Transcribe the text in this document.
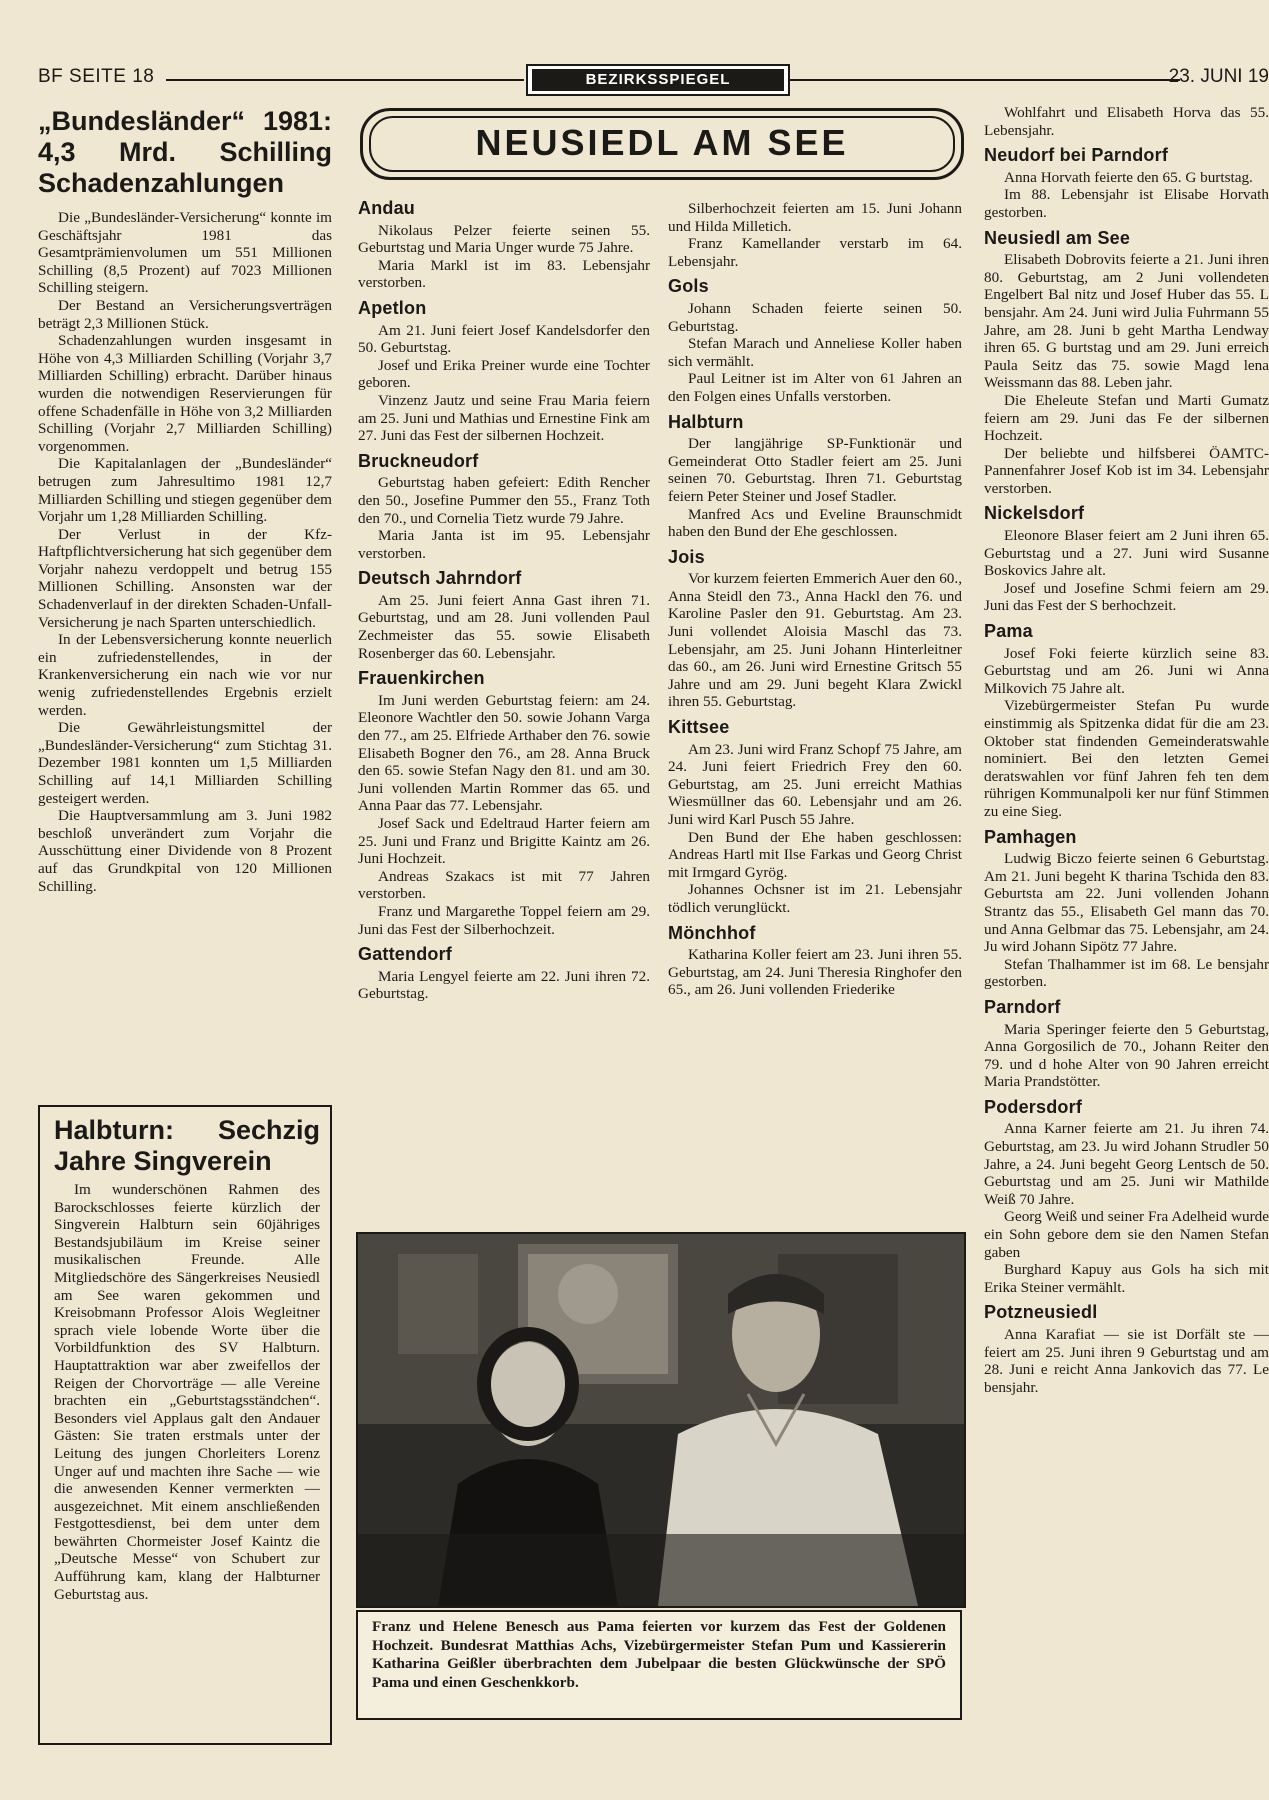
BF SEITE 18	BEZIRKSSPIEGEL	23. JUNI 19
„Bundesländer“ 1981: 4,3 Mrd. Schilling Schadenzahlungen

Die „Bundesländer-Versicherung“ konnte im Geschäftsjahr 1981 das Gesamtprämienvolumen um 551 Millionen Schilling (8,5 Prozent) auf 7023 Millionen Schilling steigern.

Der Bestand an Versicherungsverträgen beträgt 2,3 Millionen Stück.

Schadenzahlungen wurden insgesamt in Höhe von 4,3 Milliarden Schilling (Vorjahr 3,7 Milliarden Schilling) erbracht. Darüber hinaus wurden die notwendigen Reservierungen für offene Schadenfälle in Höhe von 3,2 Milliarden Schilling (Vorjahr 2,7 Milliarden Schilling) vorgenommen.

Die Kapitalanlagen der „Bundesländer“ betrugen zum Jahresultimo 1981 12,7 Milliarden Schilling und stiegen gegenüber dem Vorjahr um 1,28 Milliarden Schilling.

Der Verlust in der Kfz-Haftpflichtversicherung hat sich gegenüber dem Vorjahr nahezu verdoppelt und betrug 155 Millionen Schilling. Ansonsten war der Schadenverlauf in der direkten Schaden-Unfall-Versicherung je nach Sparten unterschiedlich.

In der Lebensversicherung konnte neuerlich ein zufriedenstellendes, in der Krankenversicherung ein nach wie vor nur wenig zufriedenstellendes Ergebnis erzielt werden.

Die Gewährleistungsmittel der „Bundesländer-Versicherung“ zum Stichtag 31. Dezember 1981 konnten um 1,5 Milliarden Schilling auf 14,1 Milliarden Schilling gesteigert werden.

Die Hauptversammlung am 3. Juni 1982 beschloß unverändert zum Vorjahr die Ausschüttung einer Dividende von 8 Prozent auf das Grundkpital von 120 Millionen Schilling.

Halbturn: Sechzig Jahre Singverein

Im wunderschönen Rahmen des Barockschlosses feierte kürzlich der Singverein Halbturn sein 60jähriges Bestandsjubiläum im Kreise seiner musikalischen Freunde. Alle Mitgliedschöre des Sängerkreises Neusiedl am See waren gekommen und Kreisobmann Professor Alois Wegleitner sprach viele lobende Worte über die Vorbildfunktion des SV Halbturn. Hauptattraktion war aber zweifellos der Reigen der Chorvorträge — alle Vereine brachten ein „Geburtstagsständchen“. Besonders viel Applaus galt den Andauer Gästen: Sie traten erstmals unter der Leitung des jungen Chorleiters Lorenz Unger auf und machten ihre Sache — wie die anwesenden Kenner vermerkten — ausgezeichnet. Mit einem anschließenden Festgottesdienst, bei dem unter dem bewährten Chormeister Josef Kaintz die „Deutsche Messe“ von Schubert zur Aufführung kam, klang der Halbturner Geburtstag aus.

NEUSIEDL AM SEE
Andau

Nikolaus Pelzer feierte seinen 55. Geburtstag und Maria Unger wurde 75 Jahre.

Maria Markl ist im 83. Lebensjahr verstorben.

Apetlon

Am 21. Juni feiert Josef Kandelsdorfer den 50. Geburtstag.

Josef und Erika Preiner wurde eine Tochter geboren.

Vinzenz Jautz und seine Frau Maria feiern am 25. Juni und Mathias und Ernestine Fink am 27. Juni das Fest der silbernen Hochzeit.

Bruckneudorf

Geburtstag haben gefeiert: Edith Rencher den 50., Josefine Pummer den 55., Franz Toth den 70., und Cornelia Tietz wurde 79 Jahre.

Maria Janta ist im 95. Lebensjahr verstorben.

Deutsch Jahrndorf

Am 25. Juni feiert Anna Gast ihren 71. Geburtstag, und am 28. Juni vollenden Paul Zechmeister das 55. sowie Elisabeth Rosenberger das 60. Lebensjahr.

Frauenkirchen

Im Juni werden Geburtstag feiern: am 24. Eleonore Wachtler den 50. sowie Johann Varga den 77., am 25. Elfriede Arthaber den 76. sowie Elisabeth Bogner den 76., am 28. Anna Bruck den 65. sowie Stefan Nagy den 81. und am 30. Juni vollenden Martin Rommer das 65. und Anna Paar das 77. Lebensjahr.

Josef Sack und Edeltraud Harter feiern am 25. Juni und Franz und Brigitte Kaintz am 26. Juni Hochzeit.

Andreas Szakacs ist mit 77 Jahren verstorben.

Franz und Margarethe Toppel feiern am 29. Juni das Fest der Silberhochzeit.

Gattendorf

Maria Lengyel feierte am 22. Juni ihren 72. Geburtstag.

Silberhochzeit feierten am 15. Juni Johann und Hilda Milletich.

Franz Kamellander verstarb im 64. Lebensjahr.

Gols

Johann Schaden feierte seinen 50. Geburtstag.

Stefan Marach und Anneliese Koller haben sich vermählt.

Paul Leitner ist im Alter von 61 Jahren an den Folgen eines Unfalls verstorben.

Halbturn

Der langjährige SP-Funktionär und Gemeinderat Otto Stadler feiert am 25. Juni seinen 70. Geburtstag. Ihren 71. Geburtstag feiern Peter Steiner und Josef Stadler.

Manfred Acs und Eveline Braunschmidt haben den Bund der Ehe geschlossen.

Jois

Vor kurzem feierten Emmerich Auer den 60., Anna Steidl den 73., Anna Hackl den 76. und Karoline Pasler den 91. Geburtstag. Am 23. Juni vollendet Aloisia Maschl das 73. Lebensjahr, am 25. Juni Johann Hinterleitner das 60., am 26. Juni wird Ernestine Gritsch 55 Jahre und am 29. Juni begeht Klara Zwickl ihren 55. Geburtstag.

Kittsee

Am 23. Juni wird Franz Schopf 75 Jahre, am 24. Juni feiert Friedrich Frey den 60. Geburtstag, am 25. Juni erreicht Mathias Wiesmüllner das 60. Lebensjahr und am 26. Juni wird Karl Pusch 55 Jahre.

Den Bund der Ehe haben geschlossen: Andreas Hartl mit Ilse Farkas und Georg Christ mit Irmgard Gyrög.

Johannes Ochsner ist im 21. Lebensjahr tödlich verunglückt.

Mönchhof

Katharina Koller feiert am 23. Juni ihren 55. Geburtstag, am 24. Juni Theresia Ringhofer den 65., am 26. Juni vollenden Friederike

Wohlfahrt und Elisabeth Horva das 55. Lebensjahr.

Neudorf bei Parndorf

Anna Horvath feierte den 65. G burtstag.

Im 88. Lebensjahr ist Elisabe Horvath gestorben.

Neusiedl am See

Elisabeth Dobrovits feierte a 21. Juni ihren 80. Geburtstag, am 2 Juni vollendeten Engelbert Bal nitz und Josef Huber das 55. L bensjahr. Am 24. Juni wird Julia Fuhrmann 55 Jahre, am 28. Juni b geht Martha Lendway ihren 65. G burtstag und am 29. Juni erreich Paula Seitz das 75. sowie Magd lena Weissmann das 88. Leben jahr.

Die Eheleute Stefan und Marti Gumatz feiern am 29. Juni das Fe der silbernen Hochzeit.

Der beliebte und hilfsberei ÖAMTC-Pannenfahrer Josef Kob ist im 34. Lebensjahr verstorben.

Nickelsdorf

Eleonore Blaser feiert am 2 Juni ihren 65. Geburtstag und a 27. Juni wird Susanne Boskovics Jahre alt.

Josef und Josefine Schmi feiern am 29. Juni das Fest der S berhochzeit.

Pama

Josef Foki feierte kürzlich seine 83. Geburtstag und am 26. Juni wi Anna Milkovich 75 Jahre alt.

Vizebürgermeister Stefan Pu wurde einstimmig als Spitzenka didat für die am 23. Oktober stat findenden Gemeinderatswahle nominiert. Bei den letzten Gemei deratswahlen vor fünf Jahren feh ten dem rührigen Kommunalpoli ker nur fünf Stimmen zu eine Sieg.

Pamhagen

Ludwig Biczo feierte seinen 6 Geburtstag. Am 21. Juni begeht K tharina Tschida den 83. Geburtsta am 22. Juni vollenden Johann Strantz das 55., Elisabeth Gel mann das 70. und Anna Gelbmar das 75. Lebensjahr, am 24. Ju wird Johann Sipötz 77 Jahre.

Stefan Thalhammer ist im 68. Le bensjahr gestorben.

Parndorf

Maria Speringer feierte den 5 Geburtstag, Anna Gorgosilich de 70., Johann Reiter den 79. und d hohe Alter von 90 Jahren erreicht Maria Prandstötter.

Podersdorf

Anna Karner feierte am 21. Ju ihren 74. Geburtstag, am 23. Ju wird Johann Strudler 50 Jahre, a 24. Juni begeht Georg Lentsch de 50. Geburtstag und am 25. Juni wir Mathilde Weiß 70 Jahre.

Georg Weiß und seiner Fra Adelheid wurde ein Sohn gebore dem sie den Namen Stefan gaben

Burghard Kapuy aus Gols ha sich mit Erika Steiner vermählt.

Potzneusiedl

Anna Karafiat — sie ist Dorfält ste — feiert am 25. Juni ihren 9 Geburtstag und am 28. Juni e reicht Anna Jankovich das 77. Le bensjahr.

Franz und Helene Benesch aus Pama feierten vor kurzem das Fest der Goldenen Hochzeit. Bundesrat Matthias Achs, Vizebürgermeister Stefan Pum und Kassiererin Katharina Geißler überbrachten dem Jubelpaar die besten Glückwünsche der SPÖ Pama und einen Geschenkkorb.
